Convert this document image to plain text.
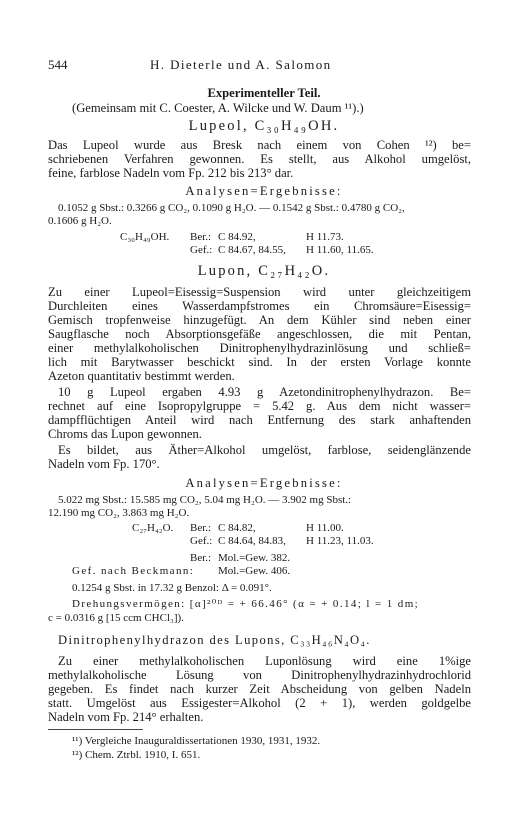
544	H. Dieterle und A. Salomon
Experimenteller Teil.
(Gemeinsam mit C. Coester, A. Wilcke und W. Daum ¹¹).)
Lupeol, C₃₀H₄₉OH.
Das Lupeol wurde aus Bresk nach einem von Cohen ¹²) be=
schriebenen Verfahren gewonnen. Es stellt, aus Alkohol umgelöst,
feine, farblose Nadeln vom Fp. 212 bis 213° dar.
Analysen=Ergebnisse:
0.1052 g Sbst.: 0.3266 g CO₂, 0.1090 g H₂O. — 0.1542 g Sbst.: 0.4780 g CO₂,
0.1606 g H₂O.
C₃₀H₄₉OH. Ber.: C 84.92,	H 11.73.
Gef.: C 84.67, 84.55, H 11.60, 11.65.
Lupon, C₂₇H₄₂O.
Zu einer Lupeol=Eisessig=Suspension wird unter gleichzeitigem
Durchleiten eines Wasserdampfstromes ein Chromsäure=Eisessig=
Gemisch tropfenweise hinzugefügt. An dem Kühler sind neben einer
Saugflasche noch Absorptionsgefäße angeschlossen, die mit Pentan,
einer methylalkoholischen Dinitrophenylhydrazinlösung und schließ=
lich mit Barytwasser beschickt sind. In der ersten Vorlage konnte
Azeton quantitativ bestimmt werden.
10 g Lupeol ergaben 4.93 g Azetondinitrophenylhydrazon. Be=
rechnet auf eine Isopropylgruppe = 5.42 g. Aus dem nicht wasser=
dampfflüchtigen Anteil wird nach Entfernung des stark anhaftenden
Chroms das Lupon gewonnen.
Es bildet, aus Äther=Alkohol umgelöst, farblose, seidenglänzende
Nadeln vom Fp. 170°.
Analysen=Ergebnisse:
5.022 mg Sbst.: 15.585 mg CO₂, 5.04 mg H₂O. — 3.902 mg Sbst.:
12.190 mg CO₂, 3.863 mg H₂O.
C₂₇H₄₂O. Ber.: C 84.82,	H 11.00.
Gef.: C 84.64, 84.83, H 11.23, 11.03.
Ber.: Mol.=Gew. 382.
Gef. nach Beckmann: Mol.=Gew. 406.
0.1254 g Sbst. in 17.32 g Benzol: Δ = 0.091°.
Drehungsvermögen: [α]²⁰ᴰ = + 66.46° (α = + 0.14; l = 1 dm;
c = 0.0316 g [15 ccm CHCl₃]).
Dinitrophenylhydrazon des Lupons, C₃₃H₄₆N₄O₄.
Zu einer methylalkoholischen Luponlösung wird eine 1%ige
methylalkoholische Lösung von Dinitrophenylhydrazinhydrochlorid
gegeben. Es findet nach kurzer Zeit Abscheidung von gelben Nadeln
statt. Umgelöst aus Essigester=Alkohol (2 + 1), werden goldgelbe
Nadeln vom Fp. 214° erhalten.
¹¹) Vergleiche Inauguraldissertationen 1930, 1931, 1932.
¹²) Chem. Ztrbl. 1910, I. 651.
